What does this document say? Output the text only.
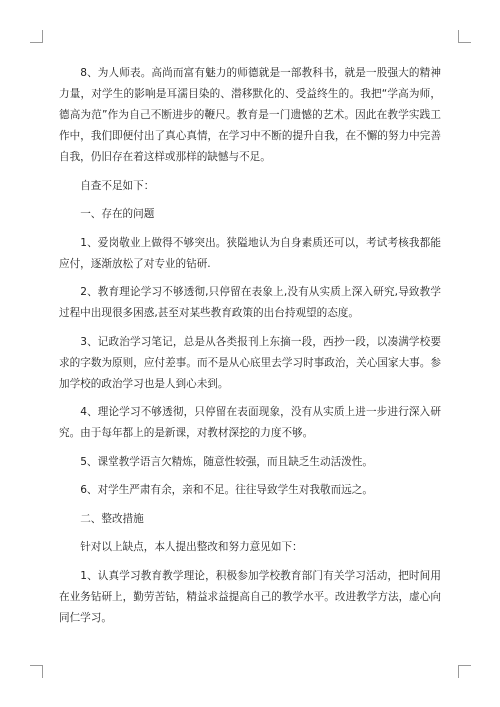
8、为人师表。高尚而富有魅力的师德就是一部教科书，就是一股强大的精神力量，对学生的影响是耳濡目染的、潜移默化的、受益终生的。我把“学高为师，德高为范”作为自己不断进步的鞭尺。教育是一门遗憾的艺术。因此在教学实践工作中，我们即便付出了真心真情，在学习中不断的提升自我，在不懈的努力中完善自我，仍旧存在着这样或那样的缺憾与不足。

自查不足如下：

一、存在的问题

1、爱岗敬业上做得不够突出。狭隘地认为自身素质还可以，考试考核我都能应付，逐渐放松了对专业的钻研.

2、教育理论学习不够透彻,只停留在表象上,没有从实质上深入研究,导致教学过程中出现很多困惑,甚至对某些教育政策的出台持观望的态度。

3、记政治学习笔记，总是从各类报刊上东摘一段，西抄一段，以凑满学校要求的字数为原则，应付差事。而不是从心底里去学习时事政治，关心国家大事。参加学校的政治学习也是人到心未到。

4、理论学习不够透彻，只停留在表面现象，没有从实质上进一步进行深入研究。由于每年都上的是新课，对教材深挖的力度不够。

5、课堂教学语言欠精炼，随意性较强，而且缺乏生动活泼性。

6、对学生严肃有余，亲和不足。往往导致学生对我敬而远之。

二、整改措施

针对以上缺点，本人提出整改和努力意见如下：

1、认真学习教育教学理论，积极参加学校教育部门有关学习活动，把时间用在业务钻研上，勤劳苦钻，精益求益提高自己的教学水平。改进教学方法，虚心向同仁学习。
